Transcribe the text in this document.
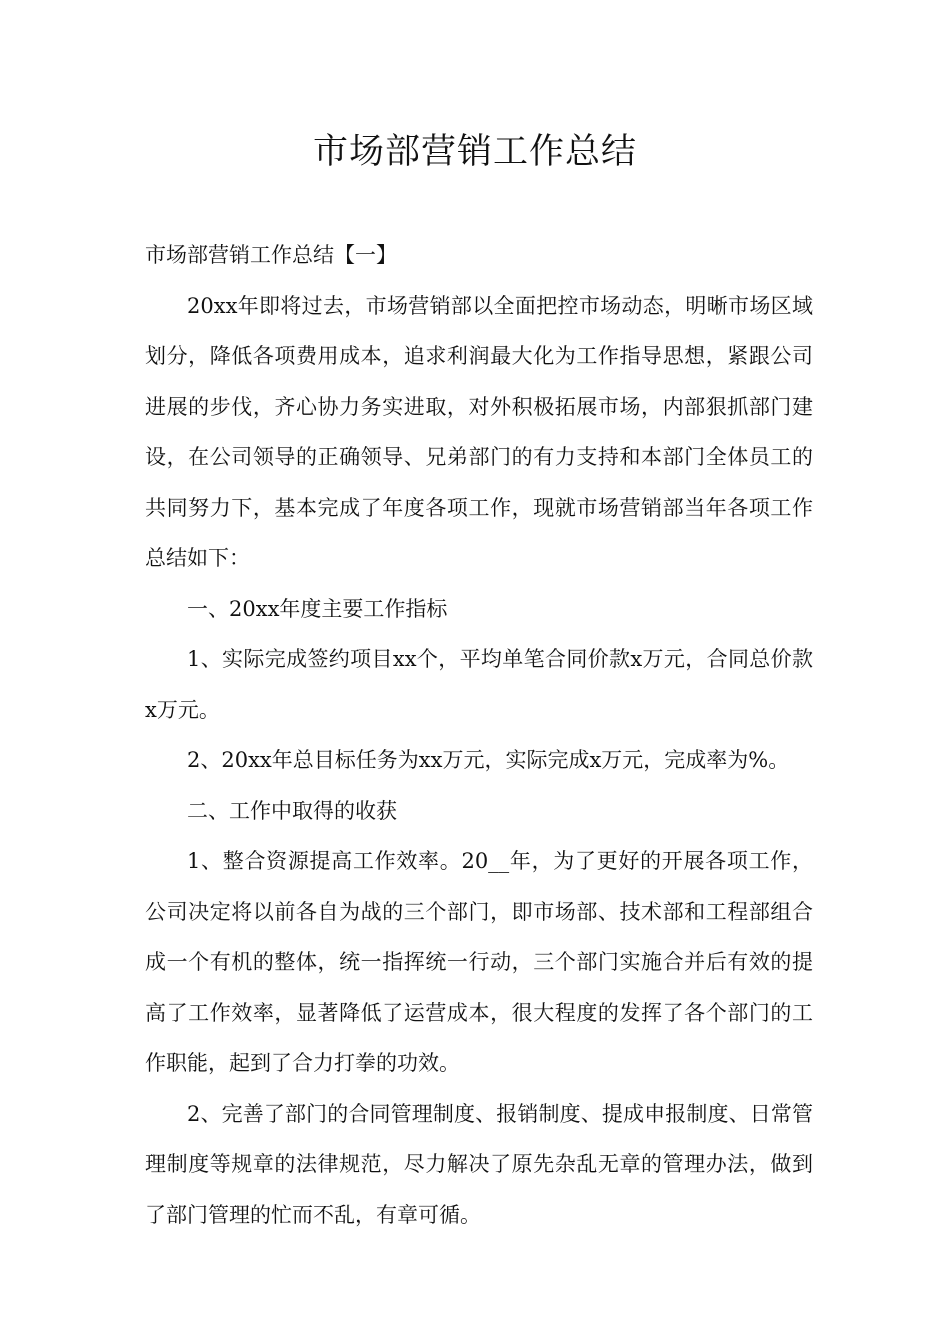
市场部营销工作总结

市场部营销工作总结【一】

20xx年即将过去，市场营销部以全面把控市场动态，明晰市场区域划分，降低各项费用成本，追求利润最大化为工作指导思想，紧跟公司进展的步伐，齐心协力务实进取，对外积极拓展市场，内部狠抓部门建设，在公司领导的正确领导、兄弟部门的有力支持和本部门全体员工的共同努力下，基本完成了年度各项工作，现就市场营销部当年各项工作总结如下：

一、20xx年度主要工作指标

1、实际完成签约项目xx个，平均单笔合同价款x万元，合同总价款x万元。

2、20xx年总目标任务为xx万元，实际完成x万元，完成率为%。

二、工作中取得的收获

1、整合资源提高工作效率。20__年，为了更好的开展各项工作，公司决定将以前各自为战的三个部门，即市场部、技术部和工程部组合成一个有机的整体，统一指挥统一行动，三个部门实施合并后有效的提高了工作效率，显著降低了运营成本，很大程度的发挥了各个部门的工作职能，起到了合力打拳的功效。

2、完善了部门的合同管理制度、报销制度、提成申报制度、日常管理制度等规章的法律规范，尽力解决了原先杂乱无章的管理办法，做到了部门管理的忙而不乱，有章可循。
